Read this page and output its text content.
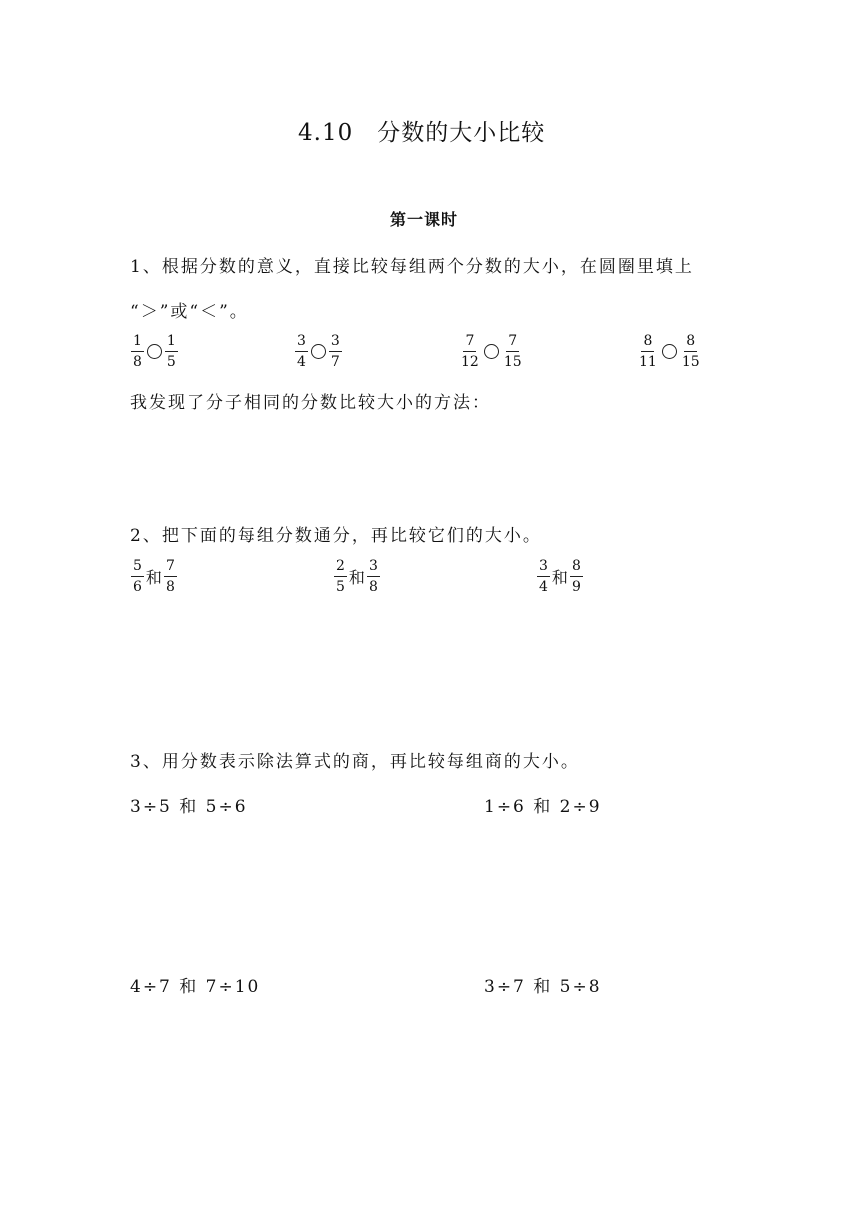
4.10　分数的大小比较
第一课时
1、根据分数的意义，直接比较每组两个分数的大小，在圆圈里填上
“＞”或“＜”。
$\frac{1}{8} \frac{1}{5}$	$\frac{3}{4} \frac{3}{7}$	$\frac{7}{12} \frac{7}{15}$	$\frac{8}{11} \frac{8}{15}$
我发现了分子相同的分数比较大小的方法：
2、把下面的每组分数通分，再比较它们的大小。
$\frac{5}{6}$ 和 $\frac{7}{8}$	$\frac{2}{5}$ 和 $\frac{3}{8}$	$\frac{3}{4}$ 和 $\frac{8}{9}$
3、用分数表示除法算式的商，再比较每组商的大小。
3÷5 和 5÷6	1÷6 和 2÷9
4÷7 和 7÷10	3÷7 和 5÷8
